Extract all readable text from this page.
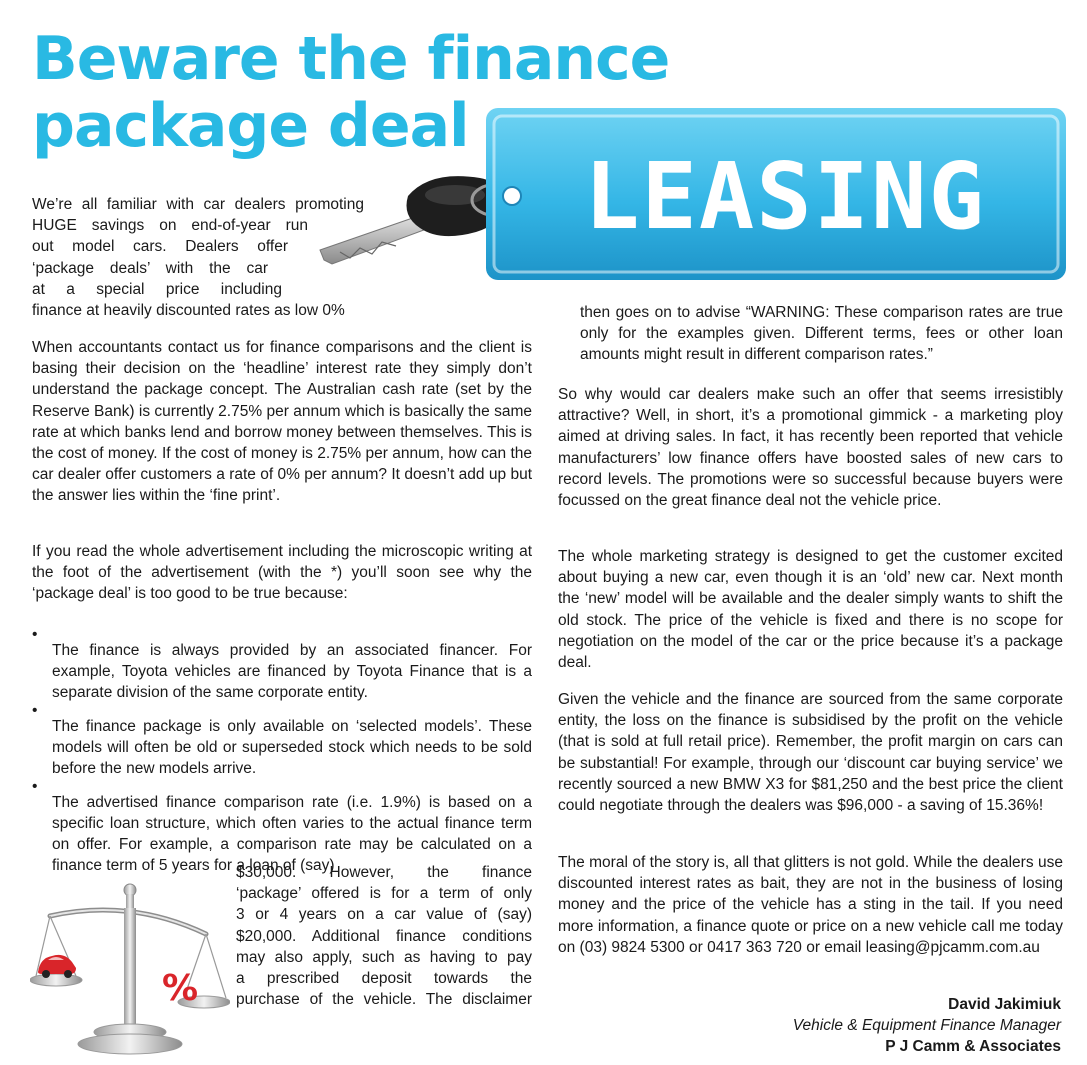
Beware the finance
package deal
LEASING
We’re all familiar with car dealers promoting
HUGE savings on end-of-year run
out model cars. Dealers offer
‘package deals’ with the car
at a special price including
finance at heavily discounted rates as low 0%

When accountants contact us for finance comparisons and the client is basing their decision on the ‘headline’ interest rate they simply don’t understand the package concept. The Australian cash rate (set by the Reserve Bank) is currently 2.75% per annum which is basically the same rate at which banks lend and borrow money between themselves. This is the cost of money. If the cost of money is 2.75% per annum, how can the car dealer offer customers a rate of 0% per annum? It doesn’t add up but the answer lies within the ‘fine print’.

If you read the whole advertisement including the microscopic writing at the foot of the advertisement (with the *) you’ll soon see why the ‘package deal’ is too good to be true because:

•

The finance is always provided by an associated financer. For example, Toyota vehicles are financed by Toyota Finance that is a separate division of the same corporate entity.

•

The finance package is only available on ‘selected models’. These models will often be old or superseded stock which needs to be sold before the new models arrive.

•

The advertised finance comparison rate (i.e. 1.9%) is based on a specific loan structure, which often varies to the actual finance term on offer. For example, a comparison rate may be calculated on a finance term of 5 years for a loan of (say)

$30,000. However, the finance
‘package’ offered is for a term of only
3 or 4 years on a car value of (say)
$20,000. Additional finance conditions
may also apply, such as having to pay
a prescribed deposit towards the
purchase of the vehicle. The disclaimer
%

then goes on to advise “WARNING: These comparison rates are true only for the examples given. Different terms, fees or other loan amounts might result in different comparison rates.”

So why would car dealers make such an offer that seems irresistibly attractive? Well, in short, it’s a promotional gimmick - a marketing ploy aimed at driving sales. In fact, it has recently been reported that vehicle manufacturers’ low finance offers have boosted sales of new cars to record levels. The promotions were so successful because buyers were focussed on the great finance deal not the vehicle price.

The whole marketing strategy is designed to get the customer excited about buying a new car, even though it is an ‘old’ new car. Next month the ‘new’ model will be available and the dealer simply wants to shift the old stock. The price of the vehicle is fixed and there is no scope for negotiation on the model of the car or the price because it’s a package deal.

Given the vehicle and the finance are sourced from the same corporate entity, the loss on the finance is subsidised by the profit on the vehicle (that is sold at full retail price). Remember, the profit margin on cars can be substantial! For example, through our ‘discount car buying service’ we recently sourced a new BMW X3 for $81,250 and the best price the client could negotiate through the dealers was $96,000 - a saving of 15.36%!

The moral of the story is, all that glitters is not gold. While the dealers use discounted interest rates as bait, they are not in the business of losing money and the price of the vehicle has a sting in the tail. If you need more information, a finance quote or price on a new vehicle call me today on (03) 9824 5300 or 0417 363 720 or email leasing@pjcamm.com.au

David Jakimiuk
Vehicle & Equipment Finance Manager
P J Camm & Associates
